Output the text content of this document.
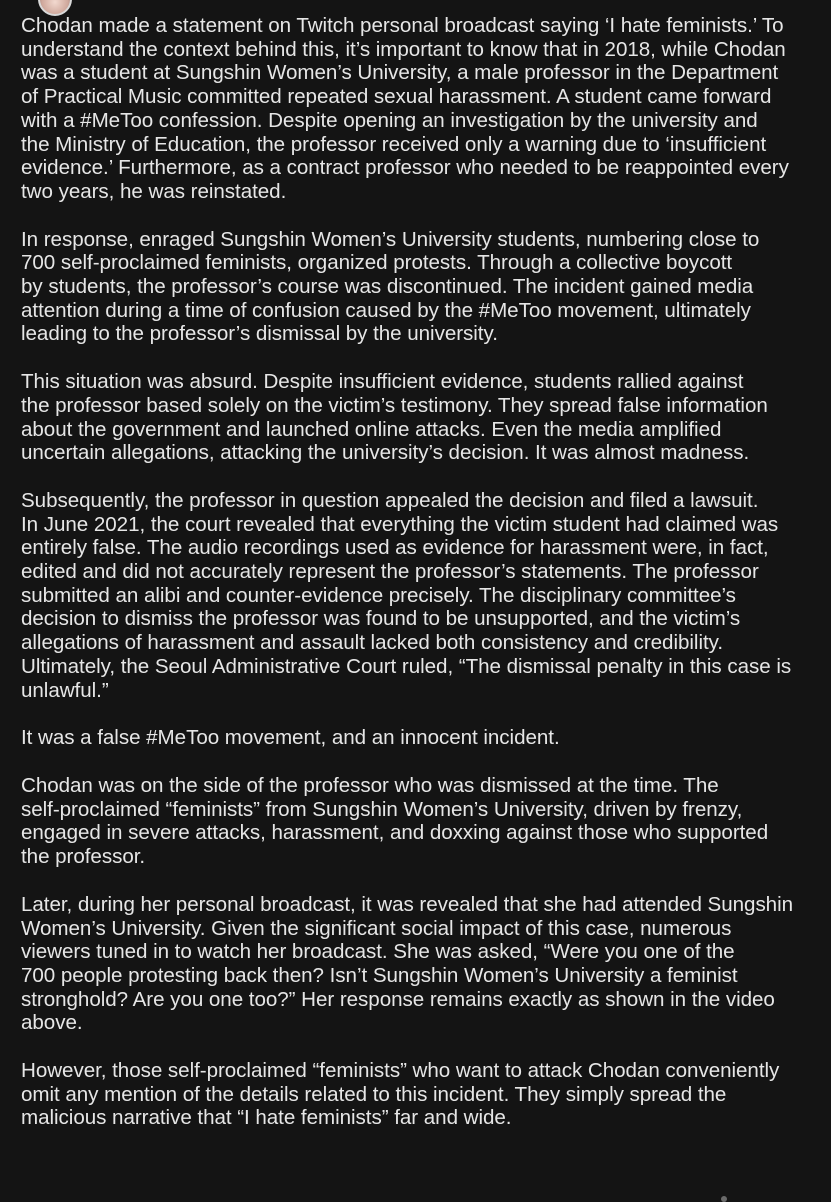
Chodan made a statement on Twitch personal broadcast saying ‘I hate feminists.’ To
understand the context behind this, it’s important to know that in 2018, while Chodan
was a student at Sungshin Women’s University, a male professor in the Department
of Practical Music committed repeated sexual harassment. A student came forward
with a #MeToo confession. Despite opening an investigation by the university and
the Ministry of Education, the professor received only a warning due to ‘insufficient
evidence.’ Furthermore, as a contract professor who needed to be reappointed every
two years, he was reinstated.

In response, enraged Sungshin Women’s University students, numbering close to
700 self-proclaimed feminists, organized protests. Through a collective boycott
by students, the professor’s course was discontinued. The incident gained media
attention during a time of confusion caused by the #MeToo movement, ultimately
leading to the professor’s dismissal by the university.

This situation was absurd. Despite insufficient evidence, students rallied against
the professor based solely on the victim’s testimony. They spread false information
about the government and launched online attacks. Even the media amplified
uncertain allegations, attacking the university’s decision. It was almost madness.

Subsequently, the professor in question appealed the decision and filed a lawsuit.
In June 2021, the court revealed that everything the victim student had claimed was
entirely false. The audio recordings used as evidence for harassment were, in fact,
edited and did not accurately represent the professor’s statements. The professor
submitted an alibi and counter-evidence precisely. The disciplinary committee’s
decision to dismiss the professor was found to be unsupported, and the victim’s
allegations of harassment and assault lacked both consistency and credibility.
Ultimately, the Seoul Administrative Court ruled, “The dismissal penalty in this case is
unlawful.”

It was a false #MeToo movement, and an innocent incident.

Chodan was on the side of the professor who was dismissed at the time. The
self-proclaimed “feminists” from Sungshin Women’s University, driven by frenzy,
engaged in severe attacks, harassment, and doxxing against those who supported
the professor.

Later, during her personal broadcast, it was revealed that she had attended Sungshin
Women’s University. Given the significant social impact of this case, numerous
viewers tuned in to watch her broadcast. She was asked, “Were you one of the
700 people protesting back then? Isn’t Sungshin Women’s University a feminist
stronghold? Are you one too?” Her response remains exactly as shown in the video
above.

However, those self-proclaimed “feminists” who want to attack Chodan conveniently
omit any mention of the details related to this incident. They simply spread the
malicious narrative that “I hate feminists” far and wide.
